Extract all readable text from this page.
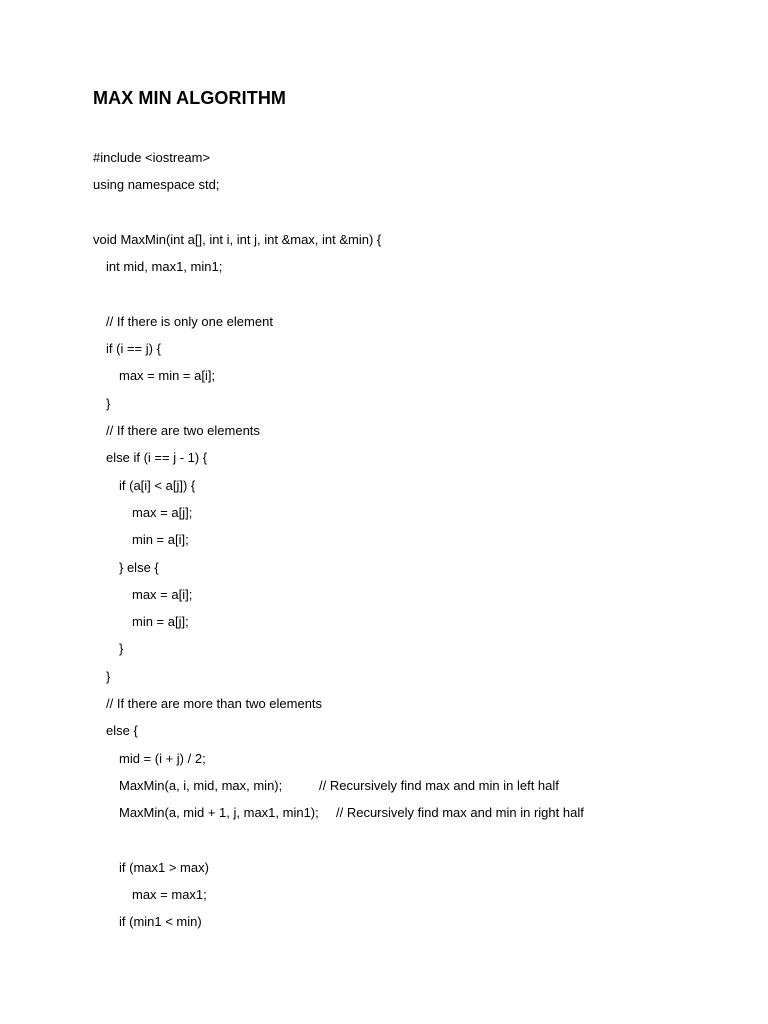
MAX MIN ALGORITHM
#include <iostream>
using namespace std;
void MaxMin(int a[], int i, int j, int &max, int &min) {
int mid, max1, min1;
// If there is only one element
if (i == j) {
max = min = a[i];
}
// If there are two elements
else if (i == j - 1) {
if (a[i] < a[j]) {
max = a[j];
min = a[i];
} else {
max = a[i];
min = a[j];
}
}
// If there are more than two elements
else {
mid = (i + j) / 2;
MaxMin(a, i, mid, max, min);	// Recursively find max and min in left half
MaxMin(a, mid + 1, j, max1, min1); // Recursively find max and min in right half
if (max1 > max)
max = max1;
if (min1 < min)
